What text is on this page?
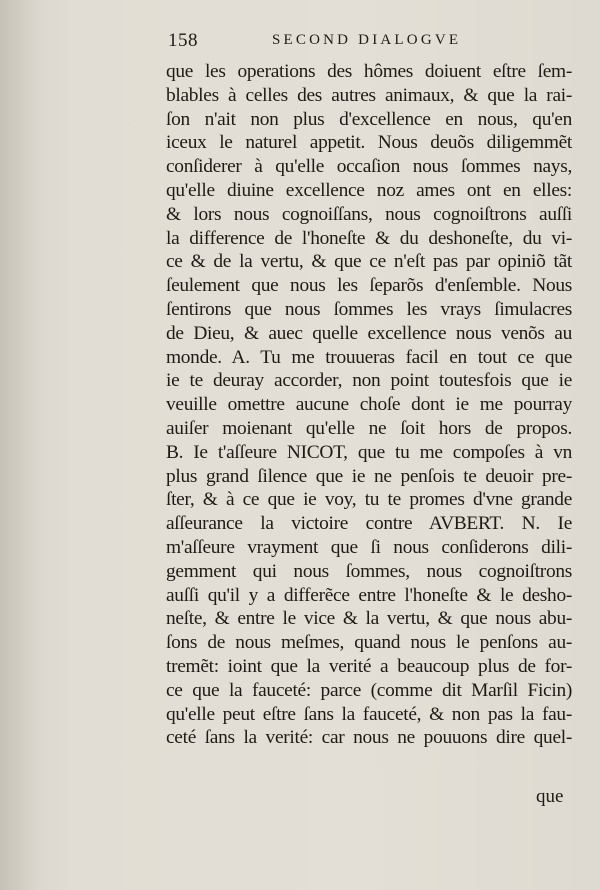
158	SECOND DIALOGVE
que les operations des hômes doiuent eſtre ſem-
blables à celles des autres animaux, & que la rai-
ſon n'ait non plus d'excellence en nous, qu'en
iceux le naturel appetit. Nous deuõs diligemmẽt
conſiderer à qu'elle occaſion nous ſommes nays,
qu'elle diuine excellence noz ames ont en elles:
& lors nous cognoiſſans, nous cognoiſtrons auſſi
la difference de l'honeſte & du deshoneſte, du vi-
ce & de la vertu, & que ce n'eſt pas par opiniõ tãt
ſeulement que nous les ſeparõs d'enſemble. Nous
ſentirons que nous ſommes les vrays ſimulacres
de Dieu, & auec quelle excellence nous venõs au
monde. A. Tu me trouueras facil en tout ce que
ie te deuray accorder, non point toutesfois que ie
veuille omettre aucune choſe dont ie me pourray
auiſer moienant qu'elle ne ſoit hors de propos.
B. Ie t'aſſeure NICOT, que tu me compoſes à vn
plus grand ſilence que ie ne penſois te deuoir pre-
ſter, & à ce que ie voy, tu te promes d'vne grande
aſſeurance la victoire contre AVBERT. N. Ie
m'aſſeure vrayment que ſi nous conſiderons dili-
gemment qui nous ſommes, nous cognoiſtrons
auſſi qu'il y a differẽce entre l'honeſte & le desho-
neſte, & entre le vice & la vertu, & que nous abu-
ſons de nous meſmes, quand nous le penſons au-
tremẽt: ioint que la verité a beaucoup plus de for-
ce que la faucеté: parce (comme dit Marſil Ficin)
qu'elle peut eſtre ſans la faucеté, & non pas la fau-
ceté ſans la verité: car nous ne pouuons dire quel-
que
